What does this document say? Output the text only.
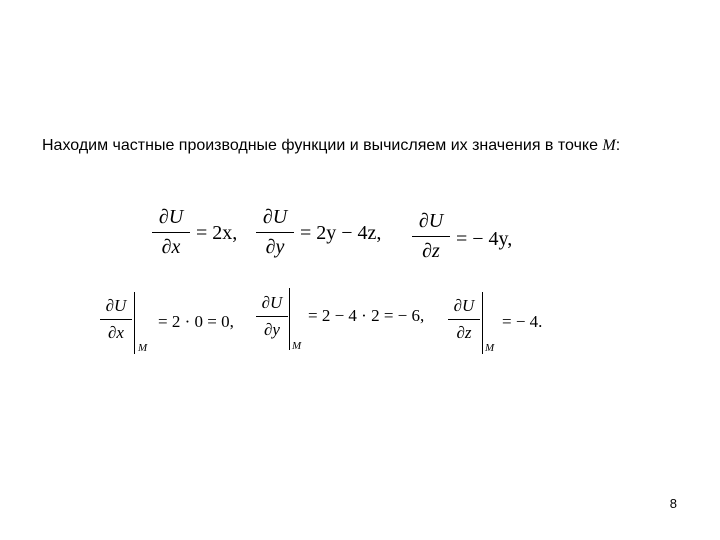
Находим частные производные функции и вычисляем их значения в точке M:
∂U
∂x
= 2x,
∂U
∂y
= 2y − 4z,
∂U
∂z
= − 4y,
∂U
∂x
M
= 2 · 0 = 0,
∂U
∂y
M
= 2 − 4 · 2 = − 6,
∂U
∂z
M
= − 4.
8
